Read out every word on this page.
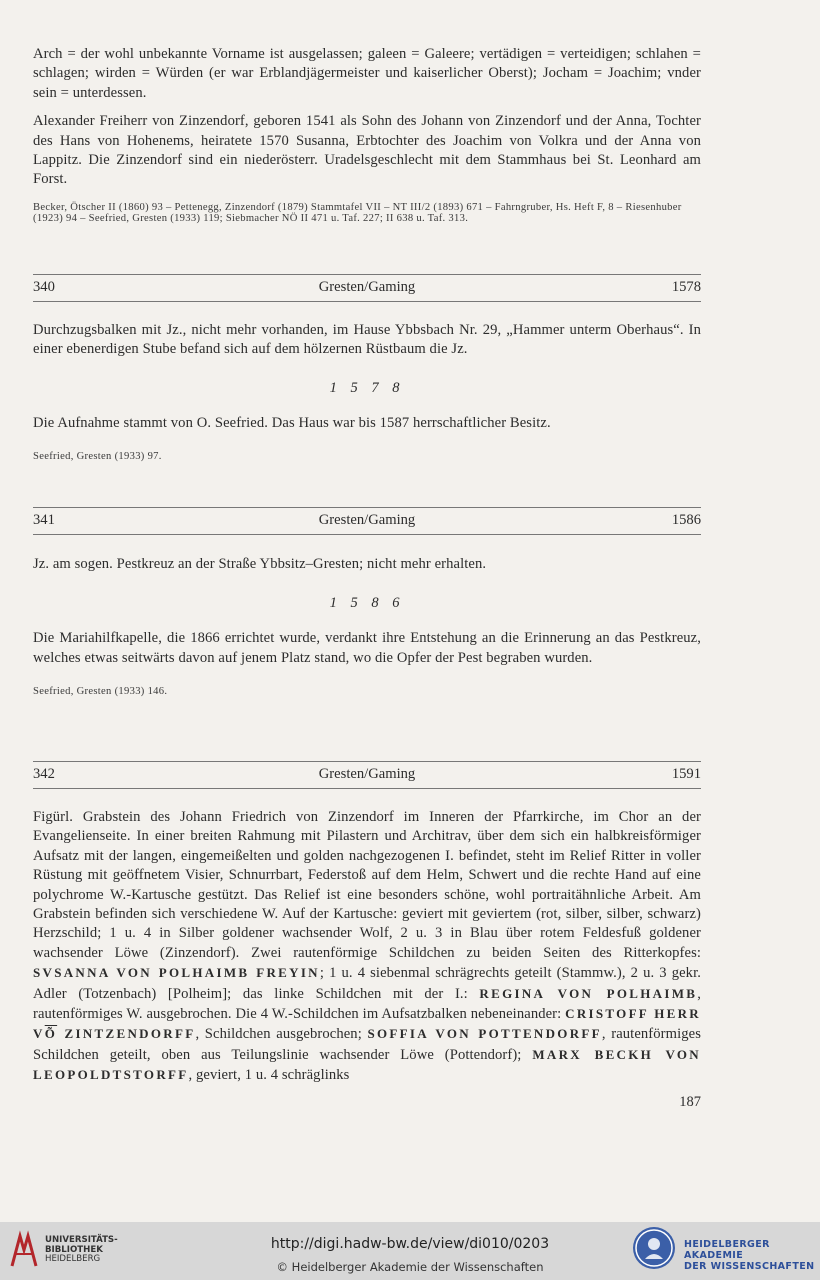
Arch = der wohl unbekannte Vorname ist ausgelassen; galeen = Galeere; vertädigen = verteidigen; schlahen = schlagen; wirden = Würden (er war Erblandjägermeister und kaiserlicher Oberst); Jocham = Joachim; vnder sein = unterdessen.

Alexander Freiherr von Zinzendorf, geboren 1541 als Sohn des Johann von Zinzendorf und der Anna, Tochter des Hans von Hohenems, heiratete 1570 Susanna, Erbtochter des Joachim von Volkra und der Anna von Lappitz. Die Zinzendorf sind ein niederösterr. Uradelsgeschlecht mit dem Stammhaus bei St. Leonhard am Forst.

Becker, Ötscher II (1860) 93 – Pettenegg, Zinzendorf (1879) Stammtafel VII – NT III/2 (1893) 671 – Fahrngruber, Hs. Heft F, 8 – Riesenhuber (1923) 94 – Seefried, Gresten (1933) 119; Siebmacher NÖ II 471 u. Taf. 227; II 638 u. Taf. 313.

340	Gresten/Gaming	1578

Durchzugsbalken mit Jz., nicht mehr vorhanden, im Hause Ybbsbach Nr. 29, „Hammer unterm Oberhaus“. In einer ebenerdigen Stube befand sich auf dem hölzernen Rüstbaum die Jz.

1 5 7 8

Die Aufnahme stammt von O. Seefried. Das Haus war bis 1587 herrschaftlicher Besitz.

Seefried, Gresten (1933) 97.

341	Gresten/Gaming	1586

Jz. am sogen. Pestkreuz an der Straße Ybbsitz–Gresten; nicht mehr erhalten.

1 5 8 6

Die Mariahilfkapelle, die 1866 errichtet wurde, verdankt ihre Entstehung an die Erinnerung an das Pestkreuz, welches etwas seitwärts davon auf jenem Platz stand, wo die Opfer der Pest begraben wurden.

Seefried, Gresten (1933) 146.

342	Gresten/Gaming	1591

Figürl. Grabstein des Johann Friedrich von Zinzendorf im Inneren der Pfarrkirche, im Chor an der Evangelienseite. In einer breiten Rahmung mit Pilastern und Architrav, über dem sich ein halbkreisförmiger Aufsatz mit der langen, eingemeißelten und golden nachgezogenen I. befindet, steht im Relief Ritter in voller Rüstung mit geöffnetem Visier, Schnurrbart, Federstoß auf dem Helm, Schwert und die rechte Hand auf eine polychrome W.-Kartusche gestützt. Das Relief ist eine besonders schöne, wohl portraitähnliche Arbeit. Am Grabstein befinden sich verschiedene W. Auf der Kartusche: geviert mit geviertem (rot, silber, silber, schwarz) Herzschild; 1 u. 4 in Silber goldener wachsender Wolf, 2 u. 3 in Blau über rotem Feldesfuß goldener wachsender Löwe (Zinzendorf). Zwei rautenförmige Schildchen zu beiden Seiten des Ritterkopfes: SVSANNA VON POLHAIMB FREYIN; 1 u. 4 siebenmal schrägrechts geteilt (Stammw.), 2 u. 3 gekr. Adler (Totzenbach) [Polheim]; das linke Schildchen mit der I.: REGINA VON POLHAIMB, rautenförmiges W. ausgebrochen. Die 4 W.-Schildchen im Aufsatzbalken nebeneinander: CRISTOFF HERR $V\overline{Õ}$ ZINTZENDORFF, Schildchen ausgebrochen; SOFFIA VON POTTENDORFF, rautenförmiges Schildchen geteilt, oben aus Teilungslinie wachsender Löwe (Pottendorf); MARX BECKH VON LEOPOLDTSTORFF, geviert, 1 u. 4 schräglinks

187
UNIVERSITÄTS-
BIBLIOTHEK
HEIDELBERG
http://digi.hadw-bw.de/view/di010/0203
© Heidelberger Akademie der Wissenschaften
HEIDELBERGER AKADEMIE
DER WISSENSCHAFTEN
